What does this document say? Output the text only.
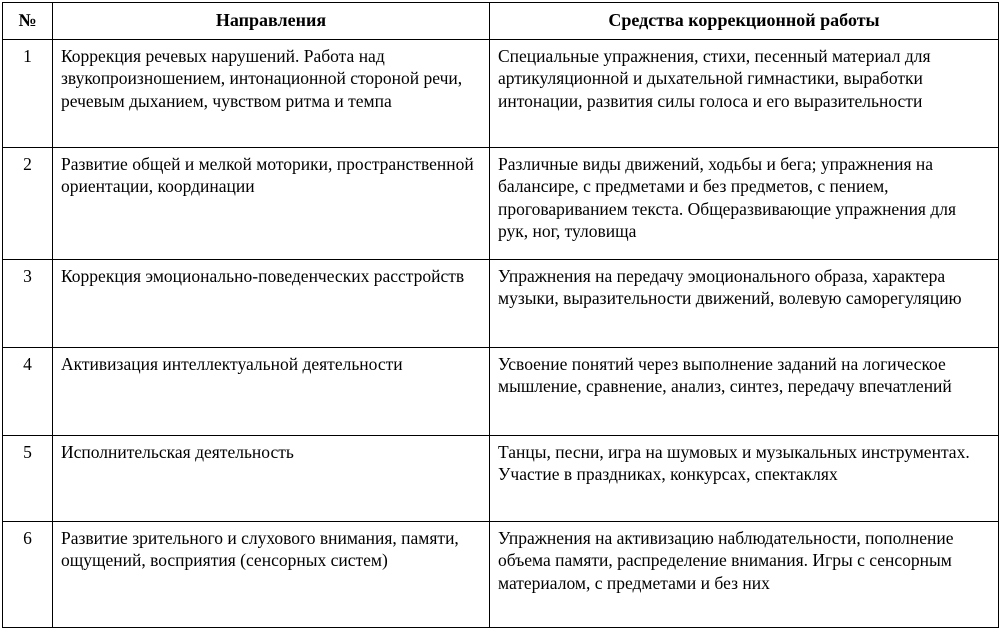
№	Направления	Средства коррекционной работы
1	Коррекция речевых нарушений. Работа над звукопроизношением, интонационной стороной речи, речевым дыханием, чувством ритма и темпа	Специальные упражнения, стихи, песенный материал для артикуляционной и дыхательной гимнастики, выработки интонации, развития силы голоса и его выразительности
2	Развитие общей и мелкой моторики, пространственной ориентации, координации	Различные виды движений, ходьбы и бега; упражнения на балансире, с предметами и без предметов, с пением, проговариванием текста. Общеразвивающие упражнения для рук, ног, туловища
3	Коррекция эмоционально-поведенческих расстройств	Упражнения на передачу эмоционального образа, характера музыки, выразительности движений, волевую саморегуляцию
4	Активизация интеллектуальной деятельности	Усвоение понятий через выполнение заданий на логическое мышление, сравнение, анализ, синтез, передачу впечатлений
5	Исполнительская деятельность	Танцы, песни, игра на шумовых и музыкальных инструментах. Участие в праздниках, конкурсах, спектаклях
6	Развитие зрительного и слухового внимания, памяти, ощущений, восприятия (сенсорных систем)	Упражнения на активизацию наблюдательности, пополнение объема памяти, распределение внимания. Игры с сенсорным материалом, с предметами и без них
